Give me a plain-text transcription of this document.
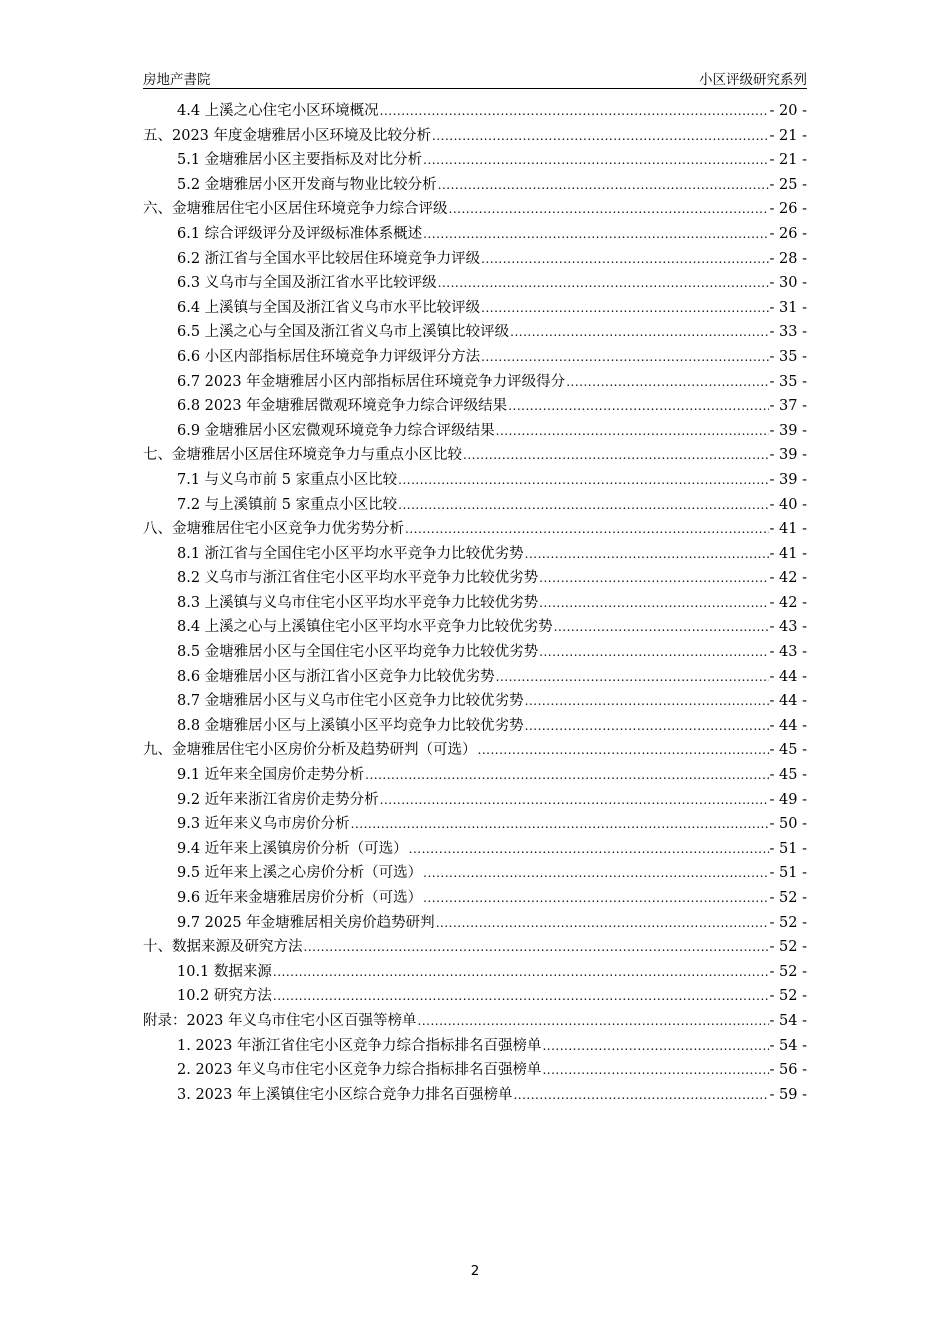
房地产書院	小区评级研究系列
4.4 上溪之心住宅小区环境概况 .....	- 20 -
五、2023 年度金塘雅居小区环境及比较分析 .....	- 21 -
5.1 金塘雅居小区主要指标及对比分析 .....	- 21 -
5.2 金塘雅居小区开发商与物业比较分析 .....	- 25 -
六、金塘雅居住宅小区居住环境竞争力综合评级 .....	- 26 -
6.1 综合评级评分及评级标准体系概述 .....	- 26 -
6.2 浙江省与全国水平比较居住环境竞争力评级 .....	- 28 -
6.3 义乌市与全国及浙江省水平比较评级 .....	- 30 -
6.4 上溪镇与全国及浙江省义乌市水平比较评级 .....	- 31 -
6.5 上溪之心与全国及浙江省义乌市上溪镇比较评级 .....	- 33 -
6.6 小区内部指标居住环境竞争力评级评分方法 .....	- 35 -
6.7 2023 年金塘雅居小区内部指标居住环境竞争力评级得分 .....	- 35 -
6.8 2023 年金塘雅居微观环境竞争力综合评级结果 .....	- 37 -
6.9 金塘雅居小区宏微观环境竞争力综合评级结果 .....	- 39 -
七、金塘雅居小区居住环境竞争力与重点小区比较 .....	- 39 -
7.1 与义乌市前 5 家重点小区比较 .....	- 39 -
7.2 与上溪镇前 5 家重点小区比较 .....	- 40 -
八、金塘雅居住宅小区竞争力优劣势分析 .....	- 41 -
8.1 浙江省与全国住宅小区平均水平竞争力比较优劣势 .....	- 41 -
8.2 义乌市与浙江省住宅小区平均水平竞争力比较优劣势 .....	- 42 -
8.3 上溪镇与义乌市住宅小区平均水平竞争力比较优劣势 .....	- 42 -
8.4 上溪之心与上溪镇住宅小区平均水平竞争力比较优劣势 .....	- 43 -
8.5 金塘雅居小区与全国住宅小区平均竞争力比较优劣势 .....	- 43 -
8.6 金塘雅居小区与浙江省小区竞争力比较优劣势 .....	- 44 -
8.7 金塘雅居小区与义乌市住宅小区竞争力比较优劣势 .....	- 44 -
8.8 金塘雅居小区与上溪镇小区平均竞争力比较优劣势 .....	- 44 -
九、金塘雅居住宅小区房价分析及趋势研判（可选） .....	- 45 -
9.1 近年来全国房价走势分析 .....	- 45 -
9.2 近年来浙江省房价走势分析 .....	- 49 -
9.3 近年来义乌市房价分析 .....	- 50 -
9.4 近年来上溪镇房价分析（可选） .....	- 51 -
9.5 近年来上溪之心房价分析（可选） .....	- 51 -
9.6 近年来金塘雅居房价分析（可选） .....	- 52 -
9.7 2025 年金塘雅居相关房价趋势研判 .....	- 52 -
十、数据来源及研究方法 .....	- 52 -
10.1 数据来源 .....	- 52 -
10.2 研究方法 .....	- 52 -
附录：2023 年义乌市住宅小区百强等榜单 .....	- 54 -
1. 2023 年浙江省住宅小区竞争力综合指标排名百强榜单 .....	- 54 -
2. 2023 年义乌市住宅小区竞争力综合指标排名百强榜单 .....	- 56 -
3. 2023 年上溪镇住宅小区综合竞争力排名百强榜单 .....	- 59 -
2
